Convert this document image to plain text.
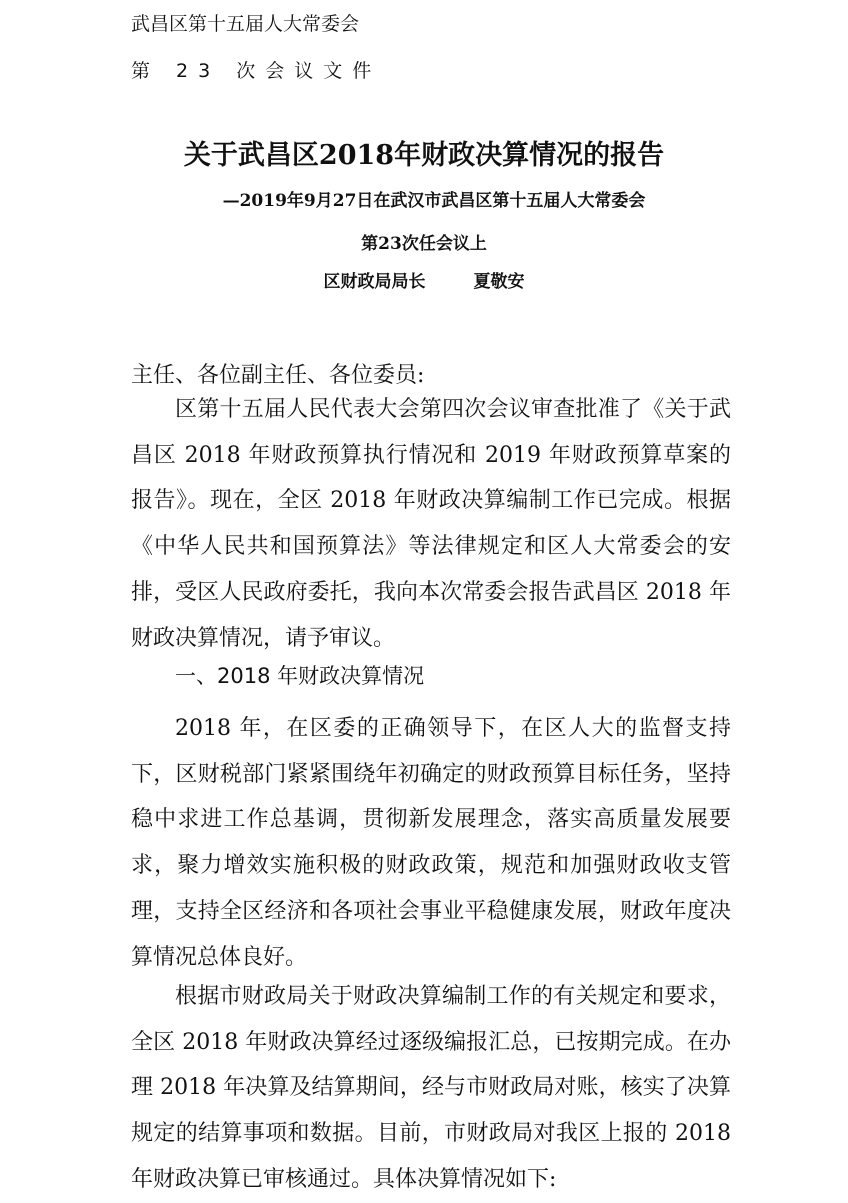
武昌区第十五届人大常委会
第 23 次会议文件
关于武昌区2018年财政决算情况的报告
—2019年9月27日在武汉市武昌区第十五届人大常委会
第23次任会议上
区财政局局长	夏敬安
主任、各位副主任、各位委员:
区第十五届人民代表大会第四次会议审查批准了《关于武昌区 2018 年财政预算执行情况和 2019 年财政预算草案的报告》。现在，全区 2018 年财政决算编制工作已完成。根据《中华人民共和国预算法》等法律规定和区人大常委会的安排，受区人民政府委托，我向本次常委会报告武昌区 2018 年财政决算情况，请予审议。
一、2018 年财政决算情况
2018 年，在区委的正确领导下，在区人大的监督支持下，区财税部门紧紧围绕年初确定的财政预算目标任务，坚持稳中求进工作总基调，贯彻新发展理念，落实高质量发展要求，聚力增效实施积极的财政政策，规范和加强财政收支管理，支持全区经济和各项社会事业平稳健康发展，财政年度决算情况总体良好。
根据市财政局关于财政决算编制工作的有关规定和要求，全区 2018 年财政决算经过逐级编报汇总，已按期完成。在办理 2018 年决算及结算期间，经与市财政局对账，核实了决算规定的结算事项和数据。目前，市财政局对我区上报的 2018 年财政决算已审核通过。具体决算情况如下:
